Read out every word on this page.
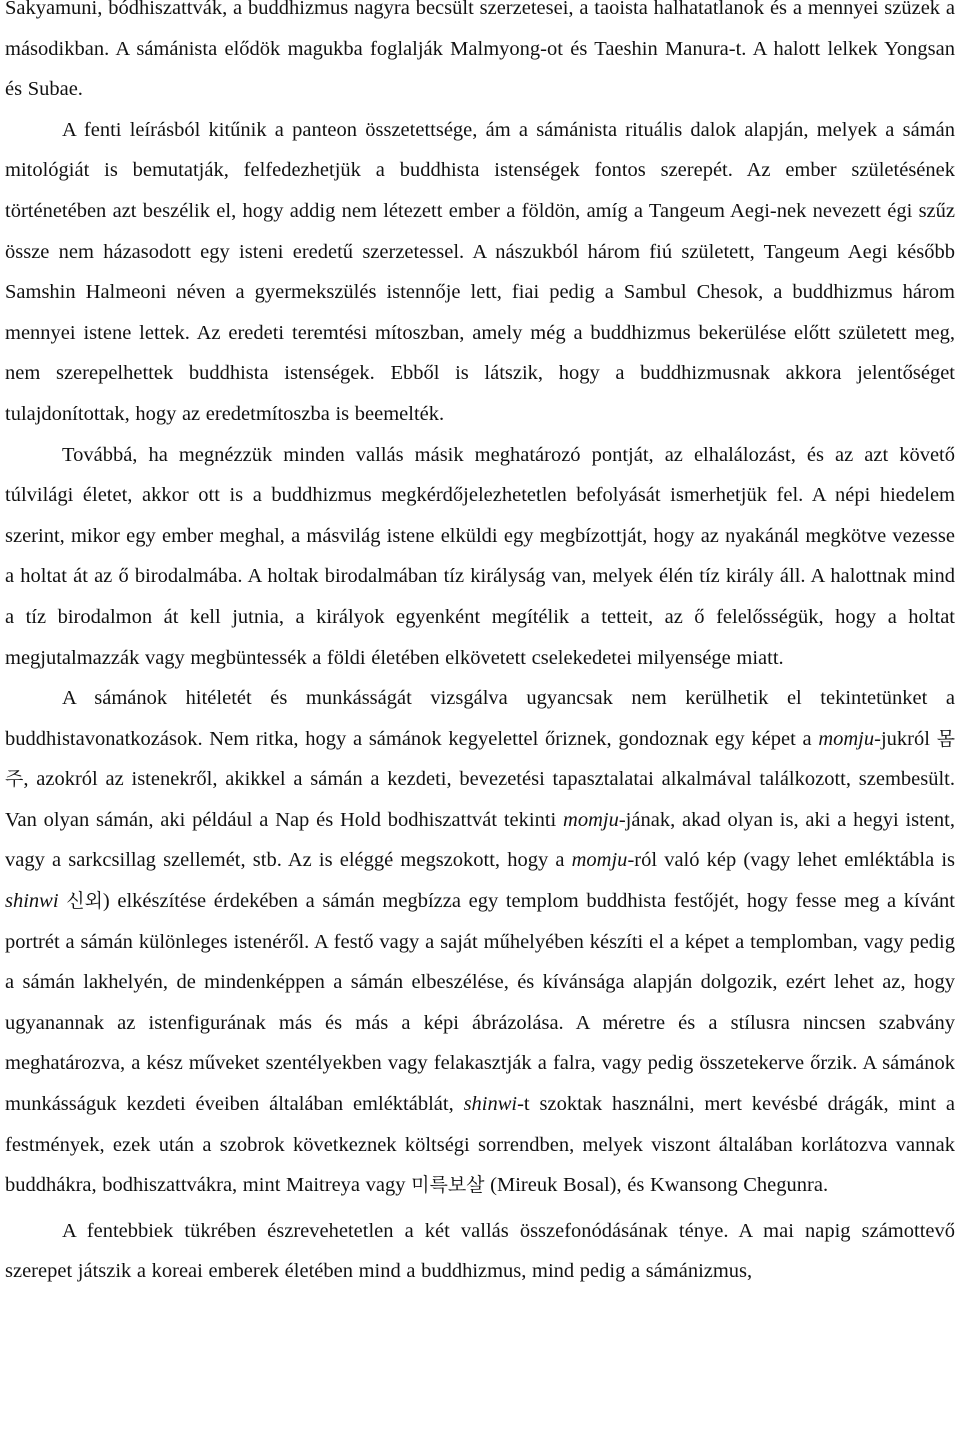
Sakyamuni, bódhiszattvák, a buddhizmus nagyra becsült szerzetesei, a taoista halhatatlanok és a mennyei szüzek a másodikban. A sámánista elődök magukba foglalják Malmyong-ot és Taeshin Manura-t. A halott lelkek Yongsan és Subae.

A fenti leírásból kitűnik a panteon összetettsége, ám a sámánista rituális dalok alapján, melyek a sámán mitológiát is bemutatják, felfedezhetjük a buddhista istenségek fontos szerepét. Az ember születésének történetében azt beszélik el, hogy addig nem létezett ember a földön, amíg a Tangeum Aegi-nek nevezett égi szűz össze nem házasodott egy isteni eredetű szerzetessel. A nászukból három fiú született, Tangeum Aegi később Samshin Halmeoni néven a gyermekszülés istennője lett, fiai pedig a Sambul Chesok, a buddhizmus három mennyei istene lettek. Az eredeti teremtési mítoszban, amely még a buddhizmus bekerülése előtt született meg, nem szerepelhettek buddhista istenségek. Ebből is látszik, hogy a buddhizmusnak akkora jelentőséget tulajdonítottak, hogy az eredetmítoszba is beemelték.

Továbbá, ha megnézzük minden vallás másik meghatározó pontját, az elhalálozást, és az azt követő túlvilági életet, akkor ott is a buddhizmus megkérdőjelezhetetlen befolyását ismerhetjük fel. A népi hiedelem szerint, mikor egy ember meghal, a másvilág istene elküldi egy megbízottját, hogy az nyakánál megkötve vezesse a holtat át az ő birodalmába. A holtak birodalmában tíz királyság van, melyek élén tíz király áll. A halottnak mind a tíz birodalmon át kell jutnia, a királyok egyenként megítélik a tetteit, az ő felelősségük, hogy a holtat megjutalmazzák vagy megbüntessék a földi életében elkövetett cselekedetei milyensége miatt.

A sámánok hitéletét és munkásságát vizsgálva ugyancsak nem kerülhetik el tekintetünket a buddhistavonatkozások. Nem ritka, hogy a sámánok kegyelettel őriznek, gondoznak egy képet a momju-jukról 몸주, azokról az istenekről, akikkel a sámán a kezdeti, bevezetési tapasztalatai alkalmával találkozott, szembesült. Van olyan sámán, aki például a Nap és Hold bodhiszattvát tekinti momju-jának, akad olyan is, aki a hegyi istent, vagy a sarkcsillag szellemét, stb. Az is eléggé megszokott, hogy a momju-ról való kép (vagy lehet emléktábla is shinwi 신외) elkészítése érdekében a sámán megbízza egy templom buddhista festőjét, hogy fesse meg a kívánt portrét a sámán különleges istenéről. A festő vagy a saját műhelyében készíti el a képet a templomban, vagy pedig a sámán lakhelyén, de mindenképpen a sámán elbeszélése, és kívánsága alapján dolgozik, ezért lehet az, hogy ugyanannak az istenfigurának más és más a képi ábrázolása. A méretre és a stílusra nincsen szabvány meghatározva, a kész műveket szentélyekben vagy felakasztják a falra, vagy pedig összetekerve őrzik. A sámánok munkásságuk kezdeti éveiben általában emléktáblát, shinwi-t szoktak használni, mert kevésbé drágák, mint a festmények, ezek után a szobrok következnek költségi sorrendben, melyek viszont általában korlátozva vannak buddhákra, bodhiszattvákra, mint Maitreya vagy 미륵보살 (Mireuk Bosal), és Kwansong Chegunra.

A fentebbiek tükrében észrevehetetlen a két vallás összefonódásának ténye. A mai napig számottevő szerepet játszik a koreai emberek életében mind a buddhizmus, mind pedig a sámánizmus,
